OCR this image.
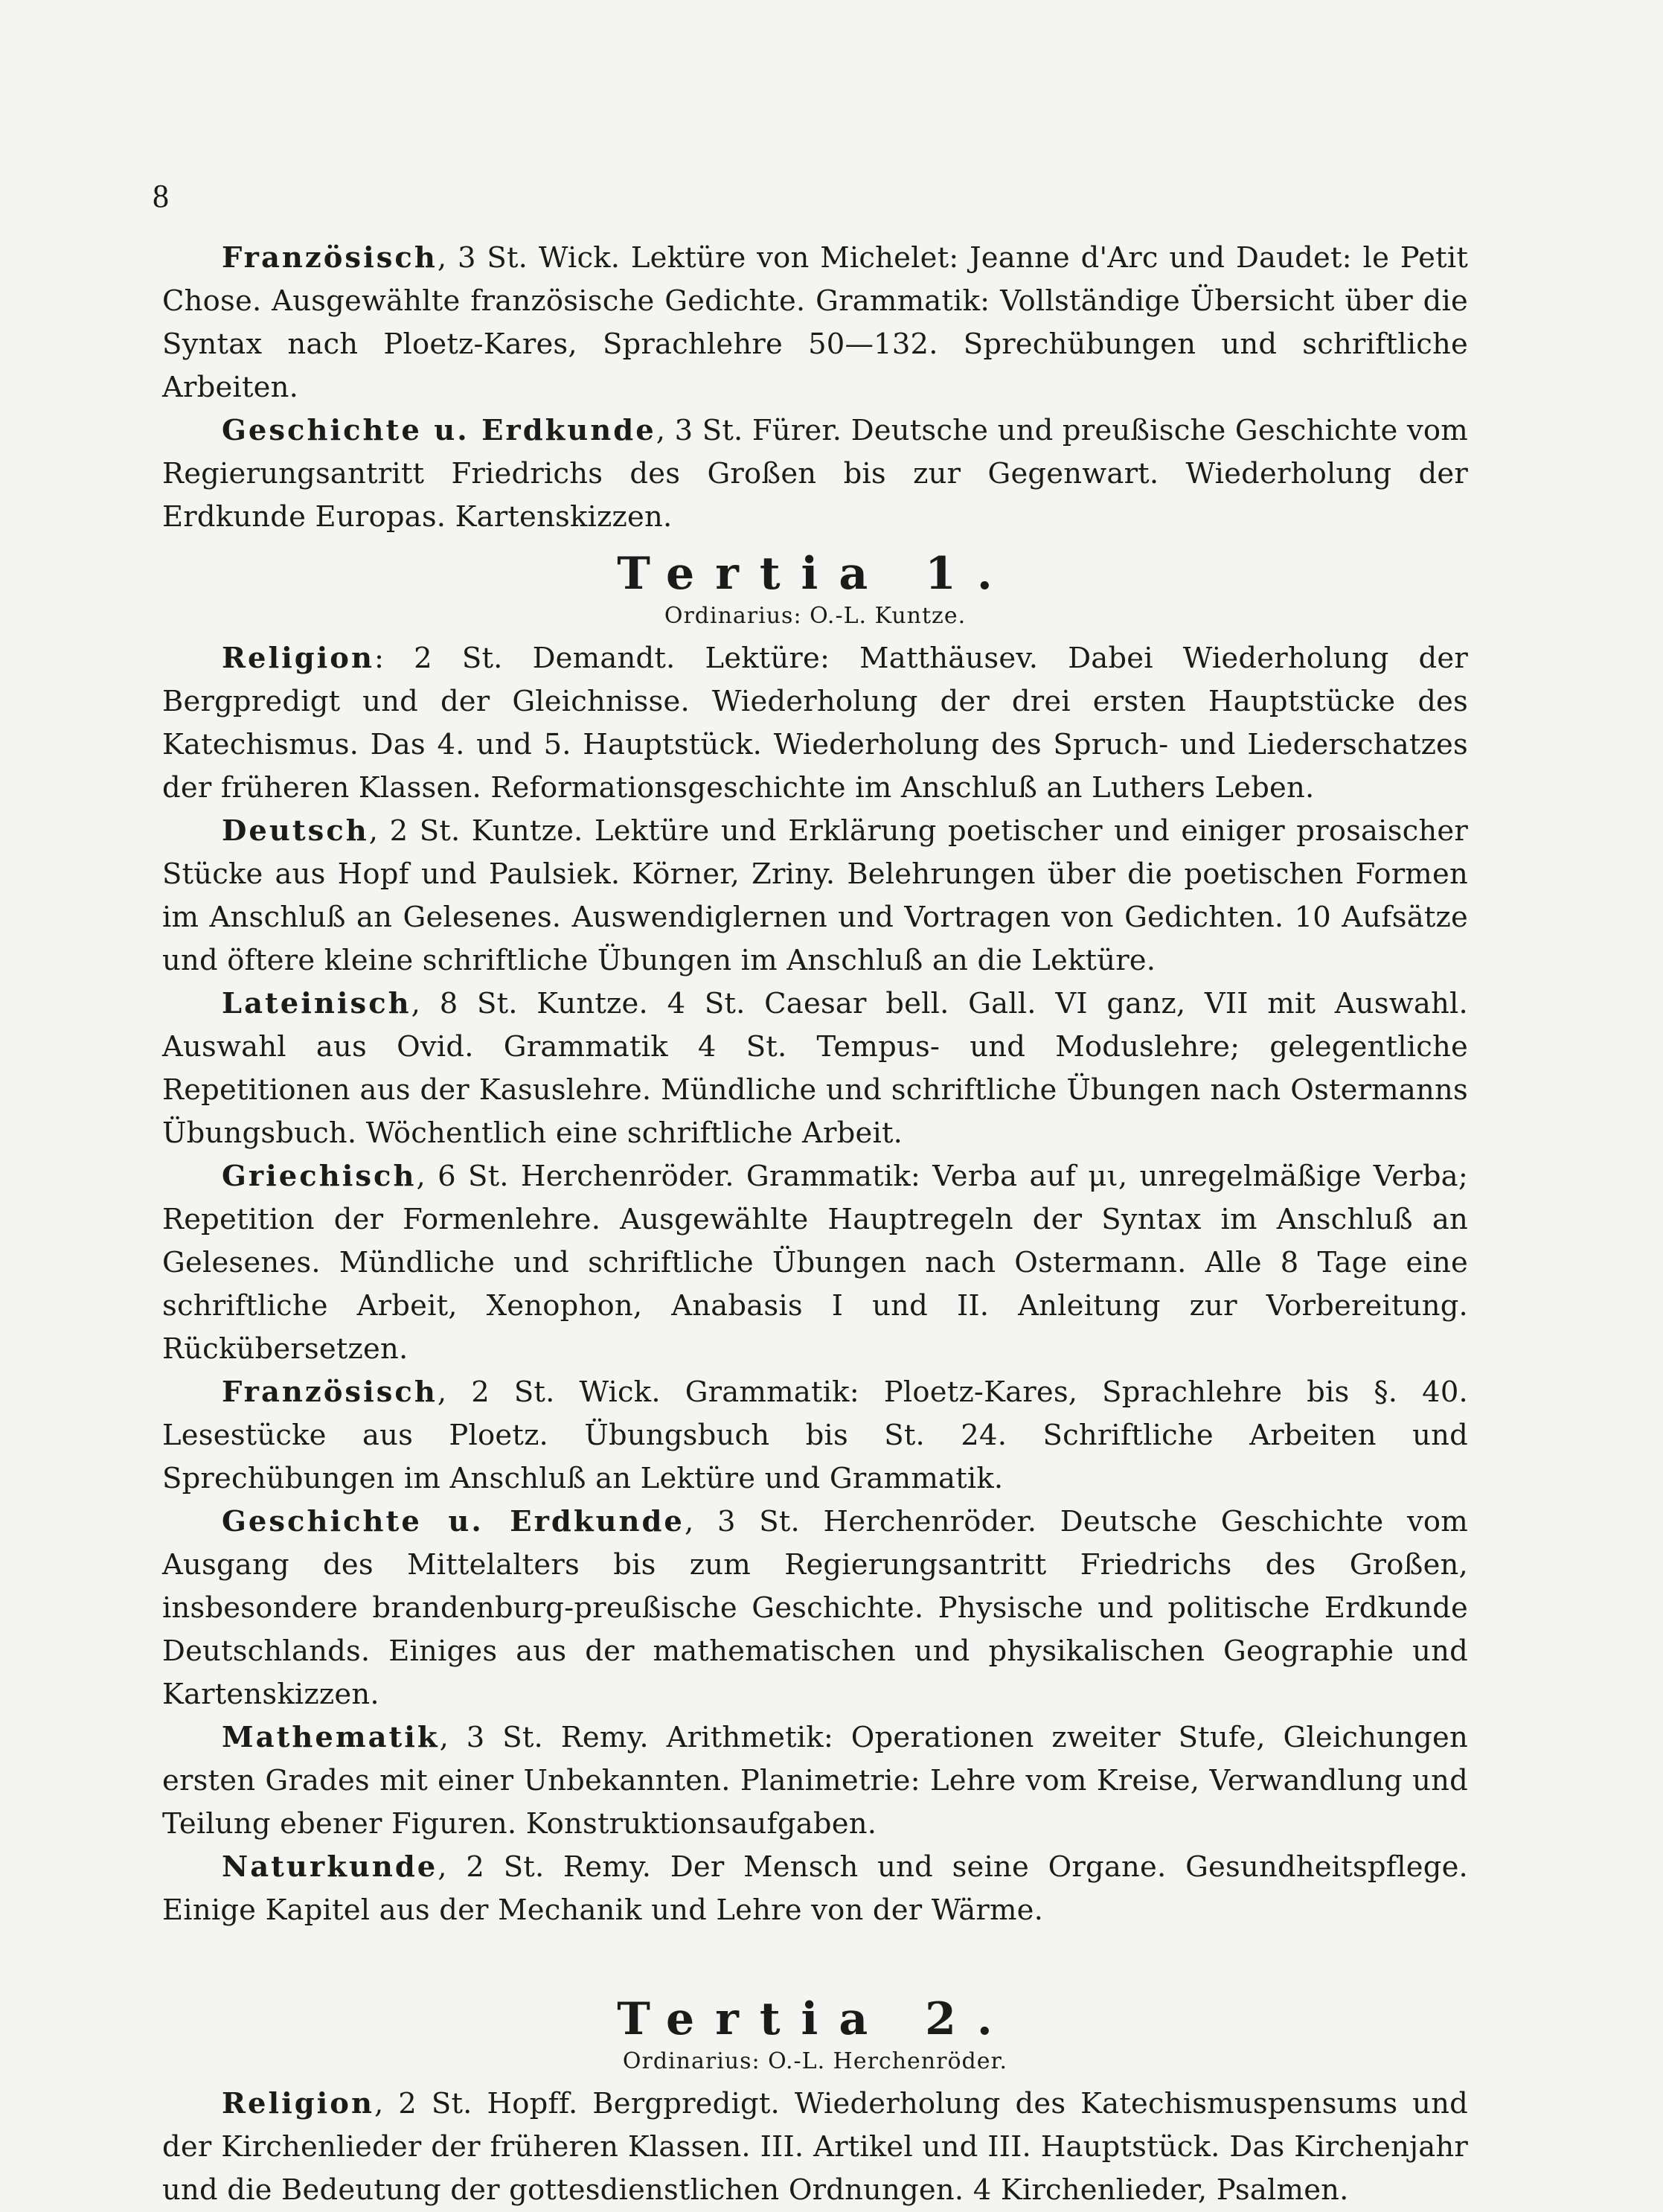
8

Französisch, 3 St. Wick. Lektüre von Michelet: Jeanne d'Arc und Daudet: le Petit Chose. Ausgewählte französische Gedichte. Grammatik: Vollständige Übersicht über die Syntax nach Ploetz-Kares, Sprachlehre 50—132. Sprechübungen und schriftliche Arbeiten.

Geschichte u. Erdkunde, 3 St. Fürer. Deutsche und preußische Geschichte vom Regierungsantritt Friedrichs des Großen bis zur Gegenwart. Wiederholung der Erdkunde Europas. Kartenskizzen.

Tertia 1.
Ordinarius: O.-L. Kuntze.

Religion: 2 St. Demandt. Lektüre: Matthäusev. Dabei Wiederholung der Bergpredigt und der Gleichnisse. Wiederholung der drei ersten Hauptstücke des Katechismus. Das 4. und 5. Hauptstück. Wiederholung des Spruch- und Liederschatzes der früheren Klassen. Reformationsgeschichte im Anschluß an Luthers Leben.

Deutsch, 2 St. Kuntze. Lektüre und Erklärung poetischer und einiger prosaischer Stücke aus Hopf und Paulsiek. Körner, Zriny. Belehrungen über die poetischen Formen im Anschluß an Gelesenes. Auswendiglernen und Vortragen von Gedichten. 10 Aufsätze und öftere kleine schriftliche Übungen im Anschluß an die Lektüre.

Lateinisch, 8 St. Kuntze. 4 St. Caesar bell. Gall. VI ganz, VII mit Auswahl. Auswahl aus Ovid. Grammatik 4 St. Tempus- und Moduslehre; gelegentliche Repetitionen aus der Kasuslehre. Mündliche und schriftliche Übungen nach Ostermanns Übungsbuch. Wöchentlich eine schriftliche Arbeit.

Griechisch, 6 St. Herchenröder. Grammatik: Verba auf μι, unregelmäßige Verba; Repetition der Formenlehre. Ausgewählte Hauptregeln der Syntax im Anschluß an Gelesenes. Mündliche und schriftliche Übungen nach Ostermann. Alle 8 Tage eine schriftliche Arbeit, Xenophon, Anabasis I und II. Anleitung zur Vorbereitung. Rückübersetzen.

Französisch, 2 St. Wick. Grammatik: Ploetz-Kares, Sprachlehre bis §. 40. Lesestücke aus Ploetz. Übungsbuch bis St. 24. Schriftliche Arbeiten und Sprechübungen im Anschluß an Lektüre und Grammatik.

Geschichte u. Erdkunde, 3 St. Herchenröder. Deutsche Geschichte vom Ausgang des Mittelalters bis zum Regierungsantritt Friedrichs des Großen, insbesondere brandenburg-preußische Geschichte. Physische und politische Erdkunde Deutschlands. Einiges aus der mathematischen und physikalischen Geographie und Kartenskizzen.

Mathematik, 3 St. Remy. Arithmetik: Operationen zweiter Stufe, Gleichungen ersten Grades mit einer Unbekannten. Planimetrie: Lehre vom Kreise, Verwandlung und Teilung ebener Figuren. Konstruktionsaufgaben.

Naturkunde, 2 St. Remy. Der Mensch und seine Organe. Gesundheitspflege. Einige Kapitel aus der Mechanik und Lehre von der Wärme.

Tertia 2.
Ordinarius: O.-L. Herchenröder.

Religion, 2 St. Hopff. Bergpredigt. Wiederholung des Katechismuspensums und der Kirchenlieder der früheren Klassen. III. Artikel und III. Hauptstück. Das Kirchenjahr und die Bedeutung der gottesdienstlichen Ordnungen. 4 Kirchenlieder, Psalmen.
